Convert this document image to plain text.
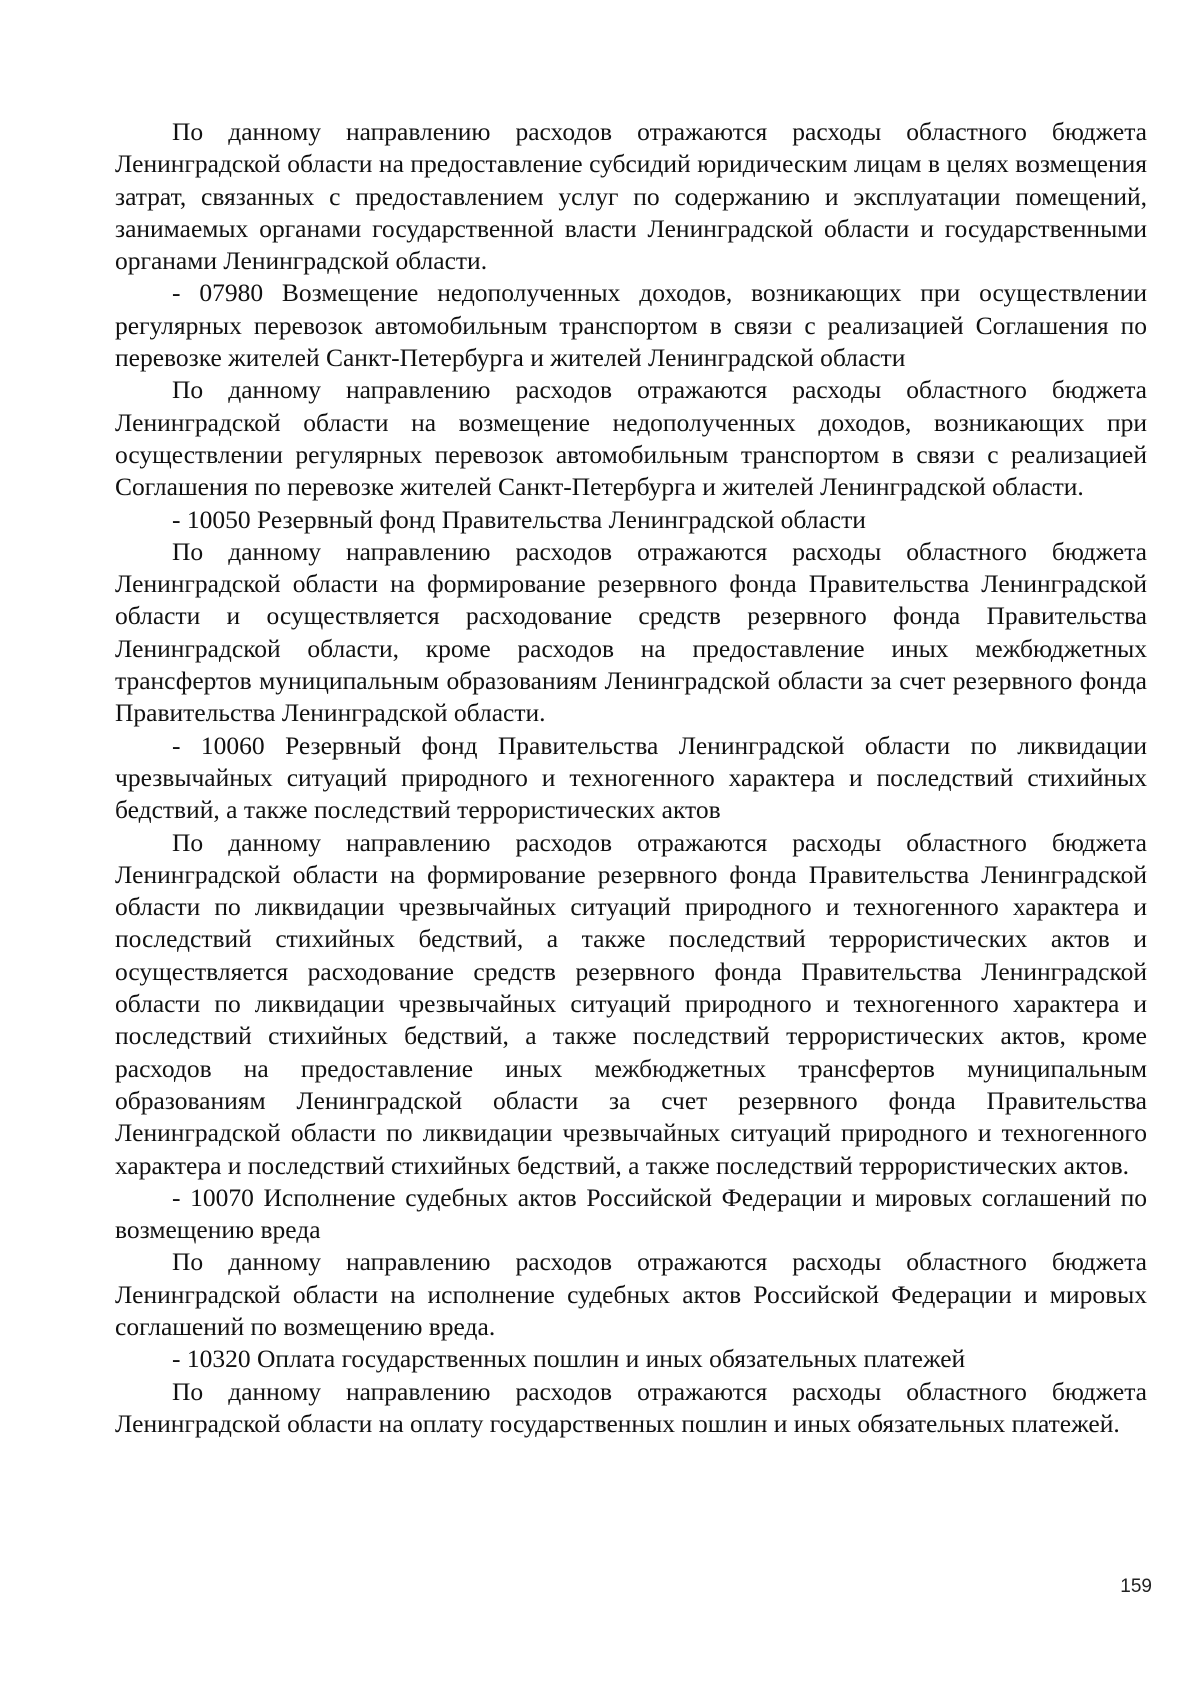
По данному направлению расходов отражаются расходы областного бюджета Ленинградской области на предоставление субсидий юридическим лицам в целях возмещения затрат, связанных с предоставлением услуг по содержанию и эксплуатации помещений, занимаемых органами государственной власти Ленинградской области и государственными органами Ленинградской области.

- 07980 Возмещение недополученных доходов, возникающих при осуществлении регулярных перевозок автомобильным транспортом в связи с реализацией Соглашения по перевозке жителей Санкт-Петербурга и жителей Ленинградской области

По данному направлению расходов отражаются расходы областного бюджета Ленинградской области на возмещение недополученных доходов, возникающих при осуществлении регулярных перевозок автомобильным транспортом в связи с реализацией Соглашения по перевозке жителей Санкт-Петербурга и жителей Ленинградской области.

- 10050 Резервный фонд Правительства Ленинградской области

По данному направлению расходов отражаются расходы областного бюджета Ленинградской области на формирование резервного фонда Правительства Ленинградской области и осуществляется расходование средств резервного фонда Правительства Ленинградской области, кроме расходов на предоставление иных межбюджетных трансфертов муниципальным образованиям Ленинградской области за счет резервного фонда Правительства Ленинградской области.

- 10060 Резервный фонд Правительства Ленинградской области по ликвидации чрезвычайных ситуаций природного и техногенного характера и последствий стихийных бедствий, а также последствий террористических актов

По данному направлению расходов отражаются расходы областного бюджета Ленинградской области на формирование резервного фонда Правительства Ленинградской области по ликвидации чрезвычайных ситуаций природного и техногенного характера и последствий стихийных бедствий, а также последствий террористических актов и осуществляется расходование средств резервного фонда Правительства Ленинградской области по ликвидации чрезвычайных ситуаций природного и техногенного характера и последствий стихийных бедствий, а также последствий террористических актов, кроме расходов на предоставление иных межбюджетных трансфертов муниципальным образованиям Ленинградской области за счет резервного фонда Правительства Ленинградской области по ликвидации чрезвычайных ситуаций природного и техногенного характера и последствий стихийных бедствий, а также последствий террористических актов.

- 10070 Исполнение судебных актов Российской Федерации и мировых соглашений по возмещению вреда

По данному направлению расходов отражаются расходы областного бюджета Ленинградской области на исполнение судебных актов Российской Федерации и мировых соглашений по возмещению вреда.

- 10320 Оплата государственных пошлин и иных обязательных платежей

По данному направлению расходов отражаются расходы областного бюджета Ленинградской области на оплату государственных пошлин и иных обязательных платежей.

159
